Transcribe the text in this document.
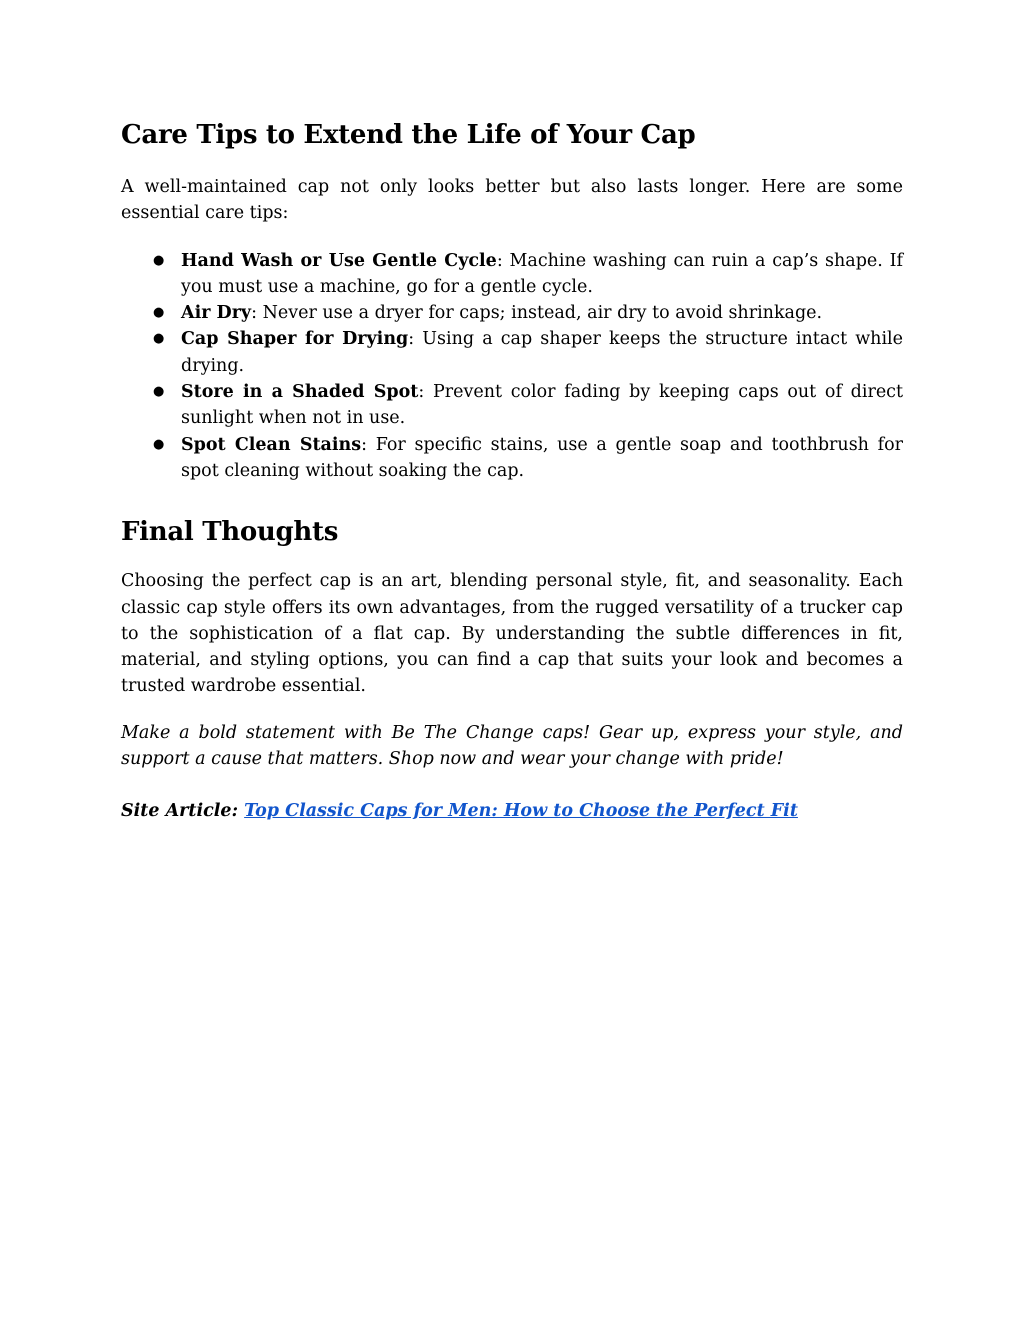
Care Tips to Extend the Life of Your Cap

A well-maintained cap not only looks better but also lasts longer. Here are some essential care tips:

● Hand Wash or Use Gentle Cycle: Machine washing can ruin a cap’s shape. If you must use a machine, go for a gentle cycle.
● Air Dry: Never use a dryer for caps; instead, air dry to avoid shrinkage.
● Cap Shaper for Drying: Using a cap shaper keeps the structure intact while drying.
● Store in a Shaded Spot: Prevent color fading by keeping caps out of direct sunlight when not in use.
● Spot Clean Stains: For specific stains, use a gentle soap and toothbrush for spot cleaning without soaking the cap.
Final Thoughts

Choosing the perfect cap is an art, blending personal style, fit, and seasonality. Each classic cap style offers its own advantages, from the rugged versatility of a trucker cap to the sophistication of a flat cap. By understanding the subtle differences in fit, material, and styling options, you can find a cap that suits your look and becomes a trusted wardrobe essential.

Make a bold statement with Be The Change caps! Gear up, express your style, and support a cause that matters. Shop now and wear your change with pride!

Site Article: Top Classic Caps for Men: How to Choose the Perfect Fit
